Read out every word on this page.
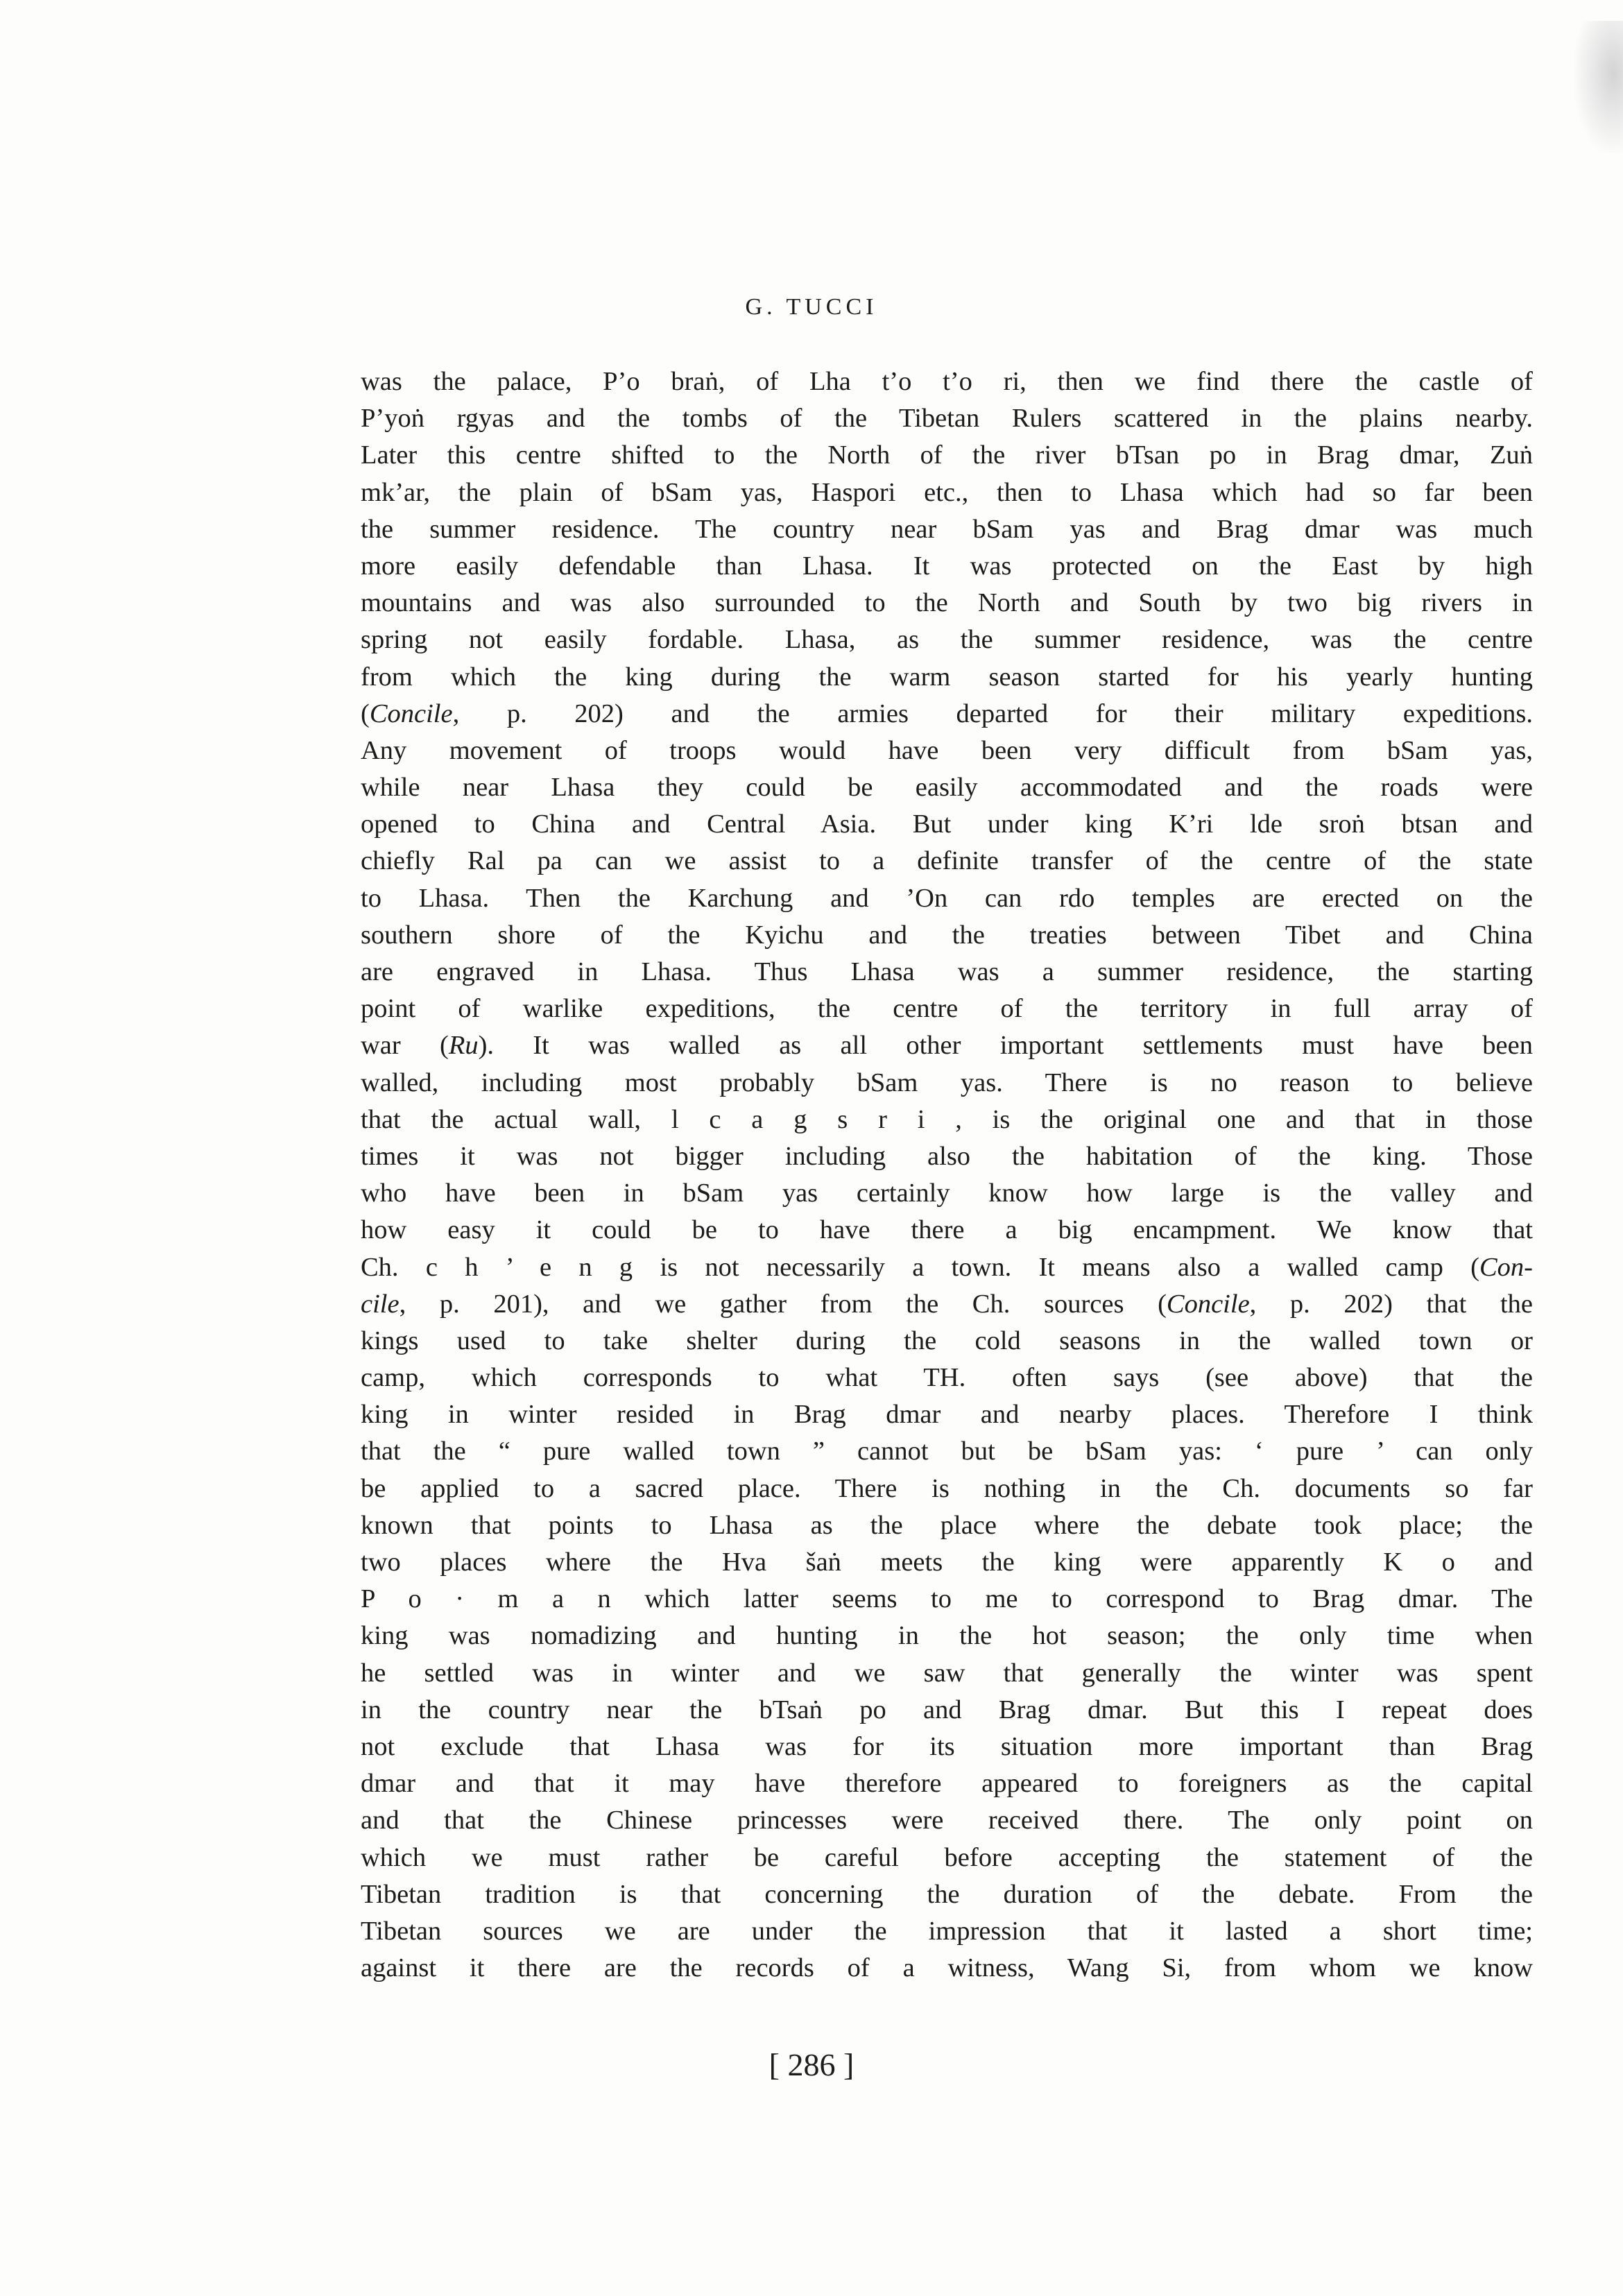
G. TUCCI
was the palace, P’o braṅ, of Lha t’o t’o ri, then we find there the castle of
P’yoṅ rgyas and the tombs of the Tibetan Rulers scattered in the plains nearby.
Later this centre shifted to the North of the river bTsan po in Brag dmar, Zuṅ
mk’ar, the plain of bSam yas, Haspori etc., then to Lhasa which had so far been
the summer residence. The country near bSam yas and Brag dmar was much
more easily defendable than Lhasa. It was protected on the East by high
mountains and was also surrounded to the North and South by two big rivers in
spring not easily fordable. Lhasa, as the summer residence, was the centre
from which the king during the warm season started for his yearly hunting
(Concile, p. 202) and the armies departed for their military expeditions.
Any movement of troops would have been very difficult from bSam yas,
while near Lhasa they could be easily accommodated and the roads were
opened to China and Central Asia. But under king K’ri lde sroṅ btsan and
chiefly Ral pa can we assist to a definite transfer of the centre of the state
to Lhasa. Then the Karchung and ’On can rdo temples are erected on the
southern shore of the Kyichu and the treaties between Tibet and China
are engraved in Lhasa. Thus Lhasa was a summer residence, the starting
point of warlike expeditions, the centre of the territory in full array of
war (Ru). It was walled as all other important settlements must have been
walled, including most probably bSam yas. There is no reason to believe
that the actual wall, l c a g s r i , is the original one and that in those
times it was not bigger including also the habitation of the king. Those
who have been in bSam yas certainly know how large is the valley and
how easy it could be to have there a big encampment. We know that
Ch. c h ’ e n g is not necessarily a town. It means also a walled camp (Con-
cile, p. 201), and we gather from the Ch. sources (Concile, p. 202) that the
kings used to take shelter during the cold seasons in the walled town or
camp, which corresponds to what TH. often says (see above) that the
king in winter resided in Brag dmar and nearby places. Therefore I think
that the “ pure walled town ” cannot but be bSam yas: ‘ pure ’ can only
be applied to a sacred place. There is nothing in the Ch. documents so far
known that points to Lhasa as the place where the debate took place; the
two places where the Hva šaṅ meets the king were apparently K o and
P o · m a n which latter seems to me to correspond to Brag dmar. The
king was nomadizing and hunting in the hot season; the only time when
he settled was in winter and we saw that generally the winter was spent
in the country near the bTsaṅ po and Brag dmar. But this I repeat does
not exclude that Lhasa was for its situation more important than Brag
dmar and that it may have therefore appeared to foreigners as the capital
and that the Chinese princesses were received there. The only point on
which we must rather be careful before accepting the statement of the
Tibetan tradition is that concerning the duration of the debate. From the
Tibetan sources we are under the impression that it lasted a short time;
against it there are the records of a witness, Wang Si, from whom we know
[ 286 ]
